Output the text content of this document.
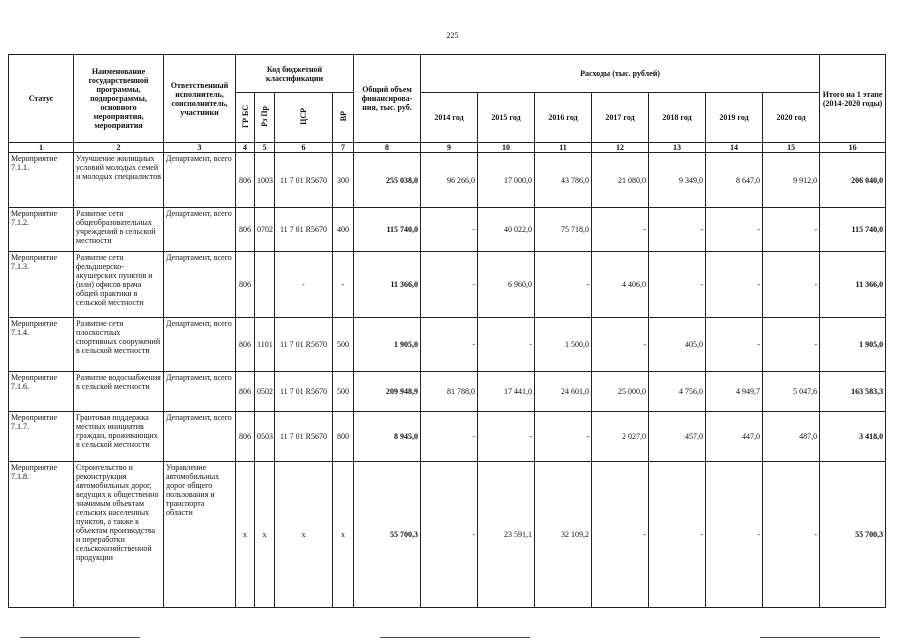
225
Статус	Наименование государственной программы, подпрограммы, основного мероприятия, мероприятия	Ответственный исполнитель, соисполнитель, участники	Код бюджетной классификации				Общий объем финансирова-ния, тыс. руб.	Расходы (тыс. рублей)							Итого на 1 этапе (2014-2020 годы)
			ГР БС	Рз Пр	ЦСР	ВР		2014 год	2015 год	2016 год	2017 год	2018 год	2019 год	2020 год	
1	2	3	4	5	6	7	8	9	10	11	12	13	14	15	16
Мероприятие 7.1.1.	Улучшение жилищных условий молодых семей и молодых специалистов	Департамент, всего	806	1003	11 7 01 R5670	300	255 038,0	96 266,0	17 000,0	43 786,0	21 080,0	9 349,0	8 647,0	9 912,0	206 040,0
Мероприятие 7.1.2.	Развитие сети общеобразовательных учреждений в сельской местности	Департамент, всего	806	0702	11 7 01 R5670	400	115 740,0	-	40 022,0	75 718,0	-	-	-	-	115 740,0
Мероприятие 7.1.3.	Развитие сети фельдшерско-акушерских пунктов и (или) офисов врача общей практики в сельской местности	Департамент, всего	806		-	-	11 366,0	-	6 960,0	-	4 406,0	-	-	-	11 366,0
Мероприятие 7.1.4.	Развитие сети плоскостных спортивных сооружений в сельской местности	Департамент, всего	806	1101	11 7 01 R5670	500	1 905,0	-	-	1 500,0	-	405,0	-	-	1 905,0
Мероприятие 7.1.6.	Развитие водоснабжения в сельской местности	Департамент, всего	806	0502	11 7 01 R5670	500	209 948,9	81 788,0	17 441,0	24 601,0	25 000,0	4 756,0	4 949,7	5 047,6	163 583,3
Мероприятие 7.1.7.	Грантовая поддержка местных инициатив граждан, проживающих в сельской местности	Департамент, всего	806	0503	11 7 01 R5670	800	8 945,0	-	-	-	2 027,0	457,0	447,0	487,0	3 418,0
Мероприятие 7.1.8.	Строительство и реконструкция автомобильных дорог, ведущих к общественно значимым объектам сельских населенных пунктов, а также к объектам производства и переработки сельскохозяйственной продукции	Управление автомобильных дорог общего пользования и транспорта области	x	x	x	x	55 700,3	-	23 591,1	32 109,2	-	-	-	-	55 700,3
